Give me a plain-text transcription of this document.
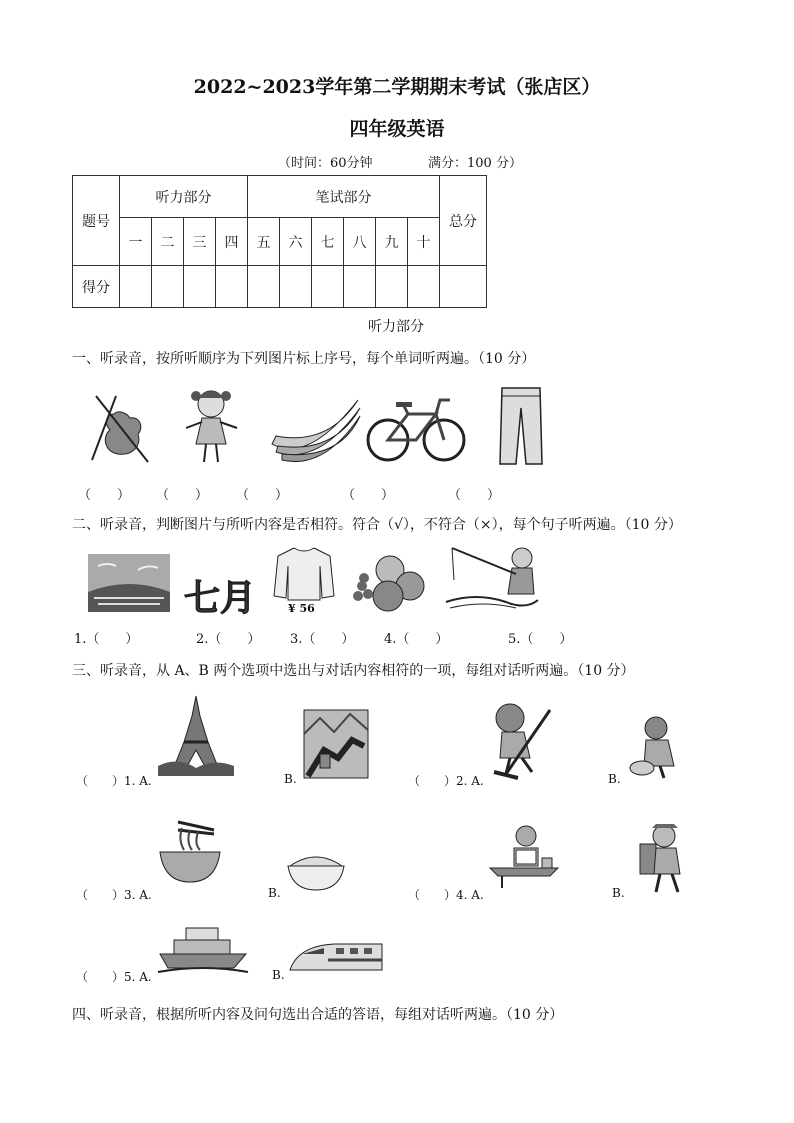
2022~2023学年第二学期期末考试（张店区）
四年级英语
（时间：60分钟	满分：100 分）
题号	听力部分				笔试部分						总分
	一	二	三	四	五	六	七	八	九	十	
得分											
听力部分
一、听录音，按所听顺序为下列图片标上序号，每个单词听两遍。（10 分）
（　　） （　　） （　　）	（　　）	（　　）
二、听录音，判断图片与所听内容是否相符。符合（√），不符合（×），每个句子听两遍。（10 分）
七月	¥ 56
1.（　　）	2.（　　） 3.（　　） 4.（　　）	5.（　　）
三、听录音，从 A、B 两个选项中选出与对话内容相符的一项，每组对话听两遍。（10 分）
（　　）1. A.	B.	（　　）2. A.	B.
（　　）3. A.	B.	（　　）4. A.	B.
（　　）5. A.	B.
四、听录音，根据所听内容及问句选出合适的答语，每组对话听两遍。（10 分）
